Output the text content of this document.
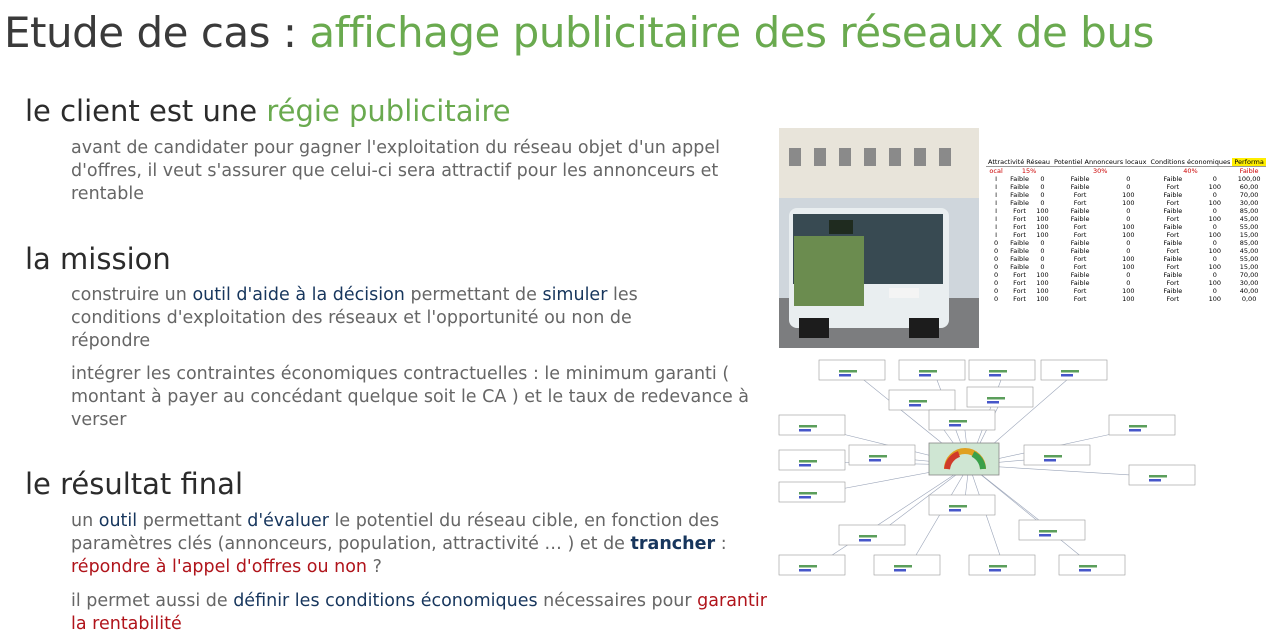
Etude de cas : affichage publicitaire des réseaux de bus
le client est une régie publicitaire

avant de candidater pour gagner l'exploitation du réseau objet d'un appel d'offres, il veut s'assurer que celui-ci sera attractif pour les annonceurs et rentable

la mission

construire un outil d'aide à la décision permettant de simuler les conditions d'exploitation des réseaux et l'opportunité ou non de répondre

intégrer les contraintes économiques contractuelles : le minimum garanti ( montant à payer au concédant quelque soit le CA ) et le taux de redevance à verser

le résultat final

un outil permettant d'évaluer le potentiel du réseau cible, en fonction des paramètres clés (annonceurs, population, attractivité … ) et de trancher : répondre à l'appel d'offres ou non ?

il permet aussi de définir les conditions économiques nécessaires pour garantir la rentabilité

Attractivité Réseau			Potentiel Annonceurs locaux		Conditions économiques		Performa
ocal	15%		30%		40%		Faible
I	Faible	0	Faible	0	Faible	0	100,00
I	Faible	0	Faible	0	Fort	100	60,00
I	Faible	0	Fort	100	Faible	0	70,00
I	Faible	0	Fort	100	Fort	100	30,00
I	Fort	100	Faible	0	Faible	0	85,00
I	Fort	100	Faible	0	Fort	100	45,00
I	Fort	100	Fort	100	Faible	0	55,00
I	Fort	100	Fort	100	Fort	100	15,00
0	Faible	0	Faible	0	Faible	0	85,00
0	Faible	0	Faible	0	Fort	100	45,00
0	Faible	0	Fort	100	Faible	0	55,00
0	Faible	0	Fort	100	Fort	100	15,00
0	Fort	100	Faible	0	Faible	0	70,00
0	Fort	100	Faible	0	Fort	100	30,00
0	Fort	100	Fort	100	Faible	0	40,00
0	Fort	100	Fort	100	Fort	100	0,00
